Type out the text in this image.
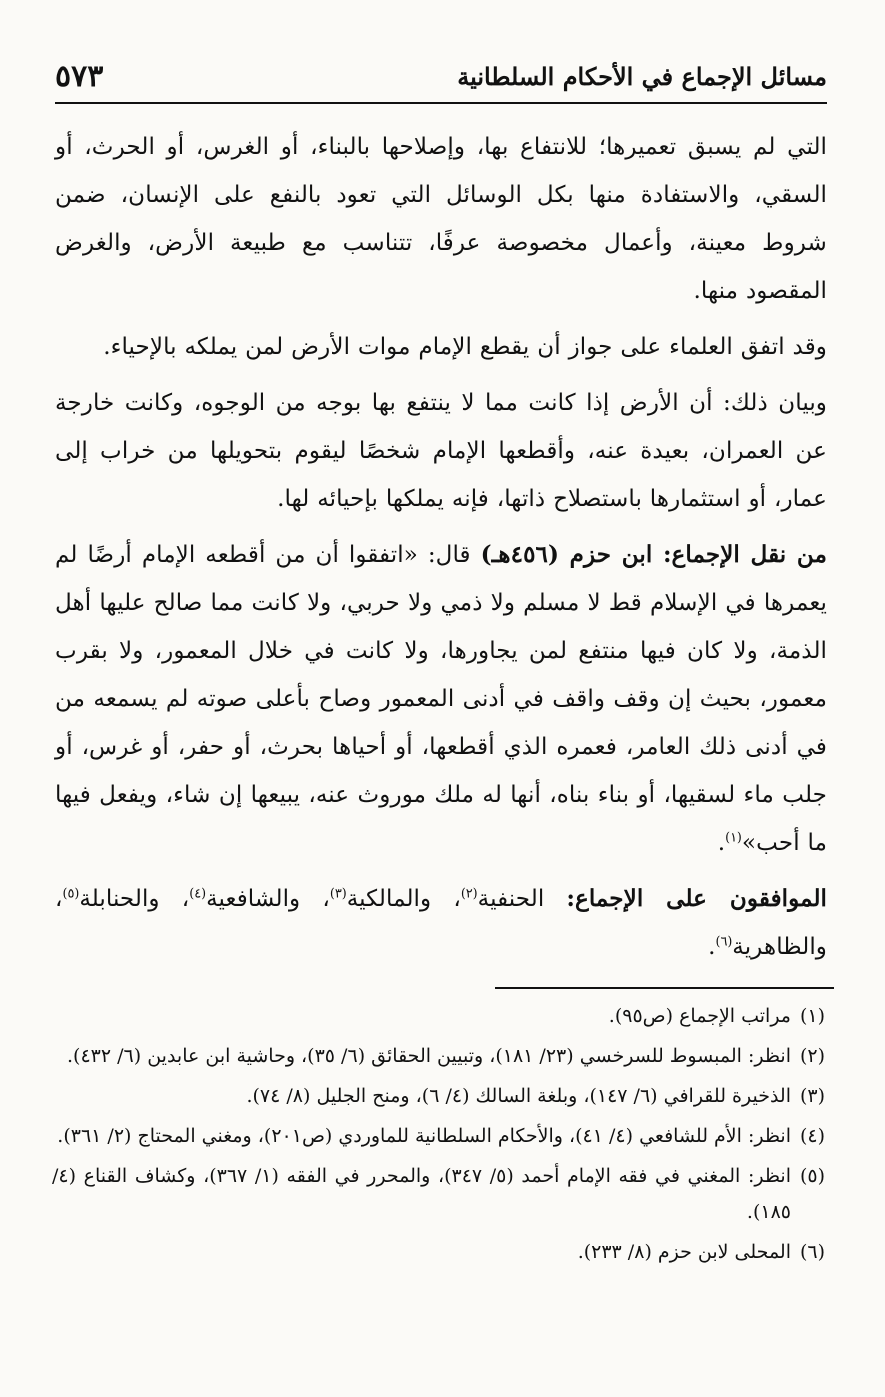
مسائل الإجماع في الأحكام السلطانية
٥٧٣

التي لم يسبق تعميرها؛ للانتفاع بها، وإصلاحها بالبناء، أو الغرس، أو الحرث، أو السقي، والاستفادة منها بكل الوسائل التي تعود بالنفع على الإنسان، ضمن شروط معينة، وأعمال مخصوصة عرفًا، تتناسب مع طبيعة الأرض، والغرض المقصود منها.

وقد اتفق العلماء على جواز أن يقطع الإمام موات الأرض لمن يملكه بالإحياء.

وبيان ذلك: أن الأرض إذا كانت مما لا ينتفع بها بوجه من الوجوه، وكانت خارجة عن العمران، بعيدة عنه، وأقطعها الإمام شخصًا ليقوم بتحويلها من خراب إلى عمار، أو استثمارها باستصلاح ذاتها، فإنه يملكها بإحيائه لها.

من نقل الإجماع: ابن حزم (٤٥٦هـ) قال: «اتفقوا أن من أقطعه الإمام أرضًا لم يعمرها في الإسلام قط لا مسلم ولا ذمي ولا حربي، ولا كانت مما صالح عليها أهل الذمة، ولا كان فيها منتفع لمن يجاورها، ولا كانت في خلال المعمور، ولا بقرب معمور، بحيث إن وقف واقف في أدنى المعمور وصاح بأعلى صوته لم يسمعه من في أدنى ذلك العامر، فعمره الذي أقطعها، أو أحياها بحرث، أو حفر، أو غرس، أو جلب ماء لسقيها، أو بناء بناه، أنها له ملك موروث عنه، يبيعها إن شاء، ويفعل فيها ما أحب»$^{(١)}$.

الموافقون على الإجماع: الحنفية$^{(٢)}$، والمالكية$^{(٣)}$، والشافعية$^{(٤)}$، والحنابلة$^{(٥)}$، والظاهرية$^{(٦)}$.

(١)
مراتب الإجماع (ص٩٥).
(٢)
انظر: المبسوط للسرخسي (٢٣/ ١٨١)، وتبيين الحقائق (٦/ ٣٥)، وحاشية ابن عابدين (٦/ ٤٣٢).
(٣)
الذخيرة للقرافي (٦/ ١٤٧)، وبلغة السالك (٤/ ٦)، ومنح الجليل (٨/ ٧٤).
(٤)
انظر: الأم للشافعي (٤/ ٤١)، والأحكام السلطانية للماوردي (ص٢٠١)، ومغني المحتاج (٢/ ٣٦١).
(٥)
انظر: المغني في فقه الإمام أحمد (٥/ ٣٤٧)، والمحرر في الفقه (١/ ٣٦٧)، وكشاف القناع (٤/ ١٨٥).
(٦)
المحلى لابن حزم (٨/ ٢٣٣).
